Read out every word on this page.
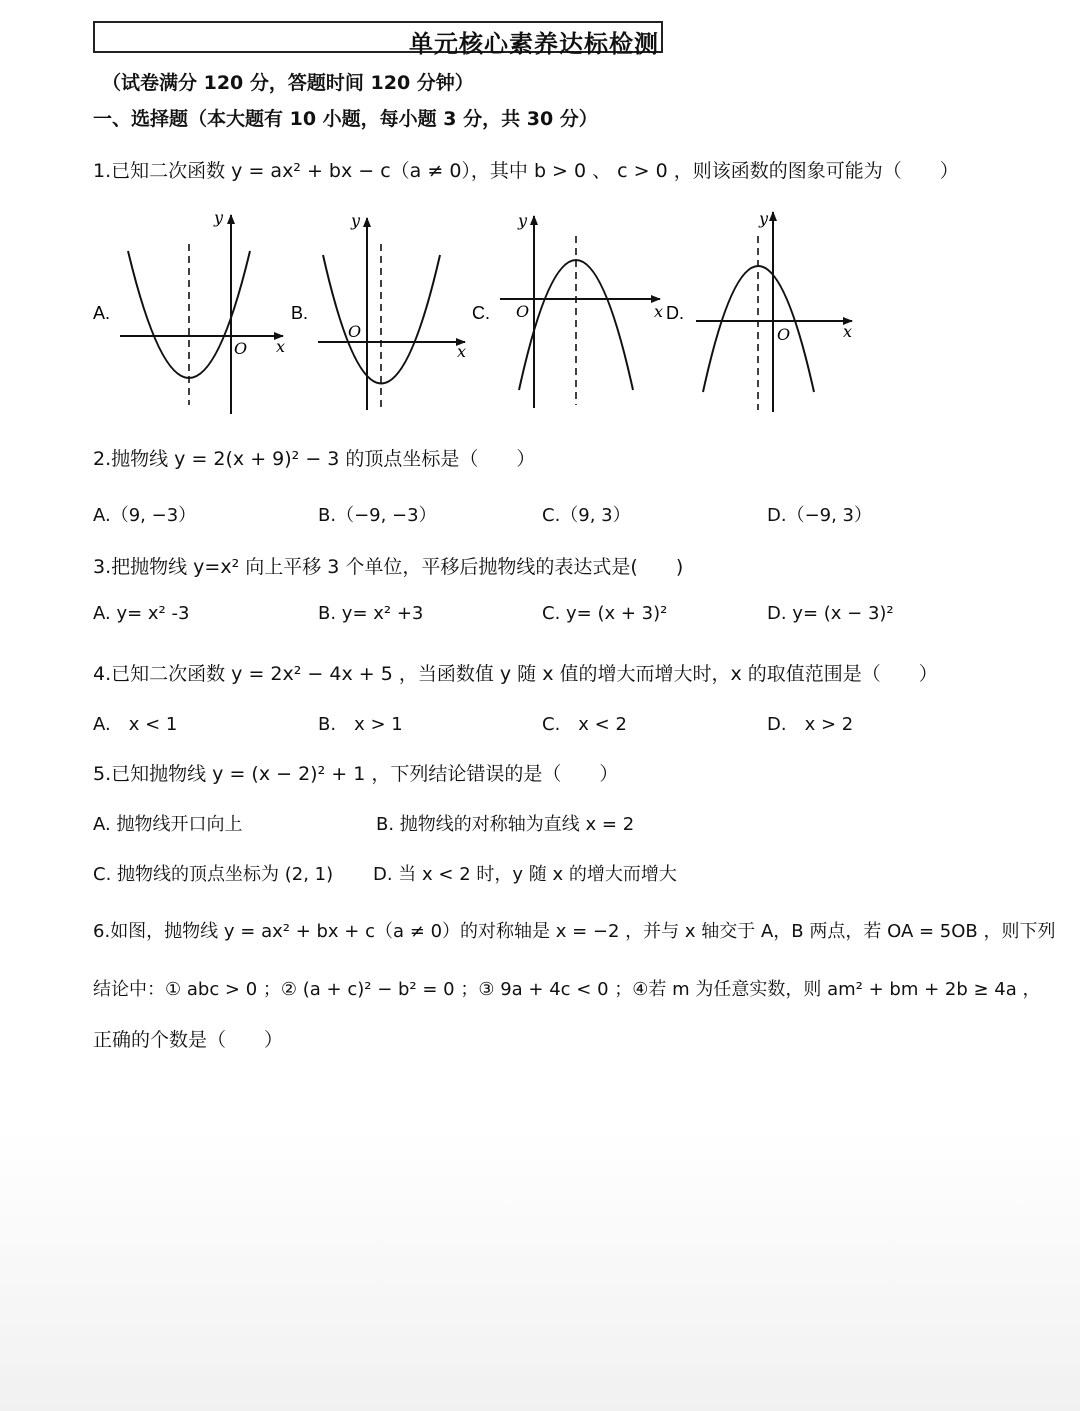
单元核心素养达标检测
（试卷满分 120 分，答题时间 120 分钟）
一、选择题（本大题有 10 小题，每小题 3 分，共 30 分）
1.已知二次函数 y = ax² + bx − c（a ≠ 0），其中 b > 0 、 c > 0 ，则该函数的图象可能为（　　）
A.
y
x
O
B.
y
x
O
C.
y
x
O	D.
y
x
O
2.抛物线 y = 2(x + 9)² − 3 的顶点坐标是（　　）
A.（9, −3）	B.（−9, −3）	C.（9, 3）	D.（−9, 3）
3.把抛物线 y=x² 向上平移 3 个单位，平移后抛物线的表达式是(　　)
A. y= x² -3	B. y= x² +3	C. y= (x + 3)²	D. y= (x − 3)²
4.已知二次函数 y = 2x² − 4x + 5 ，当函数值 y 随 x 值的增大而增大时，x 的取值范围是（　　）
A.　x < 1	B.　x > 1	C.　x < 2	D.　x > 2
5.已知抛物线 y = (x − 2)² + 1 ，下列结论错误的是（　　）
A. 抛物线开口向上	B. 抛物线的对称轴为直线 x = 2
C. 抛物线的顶点坐标为 (2, 1) D. 当 x < 2 时，y 随 x 的增大而增大
6.如图，抛物线 y = ax² + bx + c（a ≠ 0）的对称轴是 x = −2 ，并与 x 轴交于 A，B 两点，若 OA = 5OB ，则下列
结论中：① abc > 0 ；② (a + c)² − b² = 0 ；③ 9a + 4c < 0 ；④若 m 为任意实数，则 am² + bm + 2b ≥ 4a ，
正确的个数是（　　）
